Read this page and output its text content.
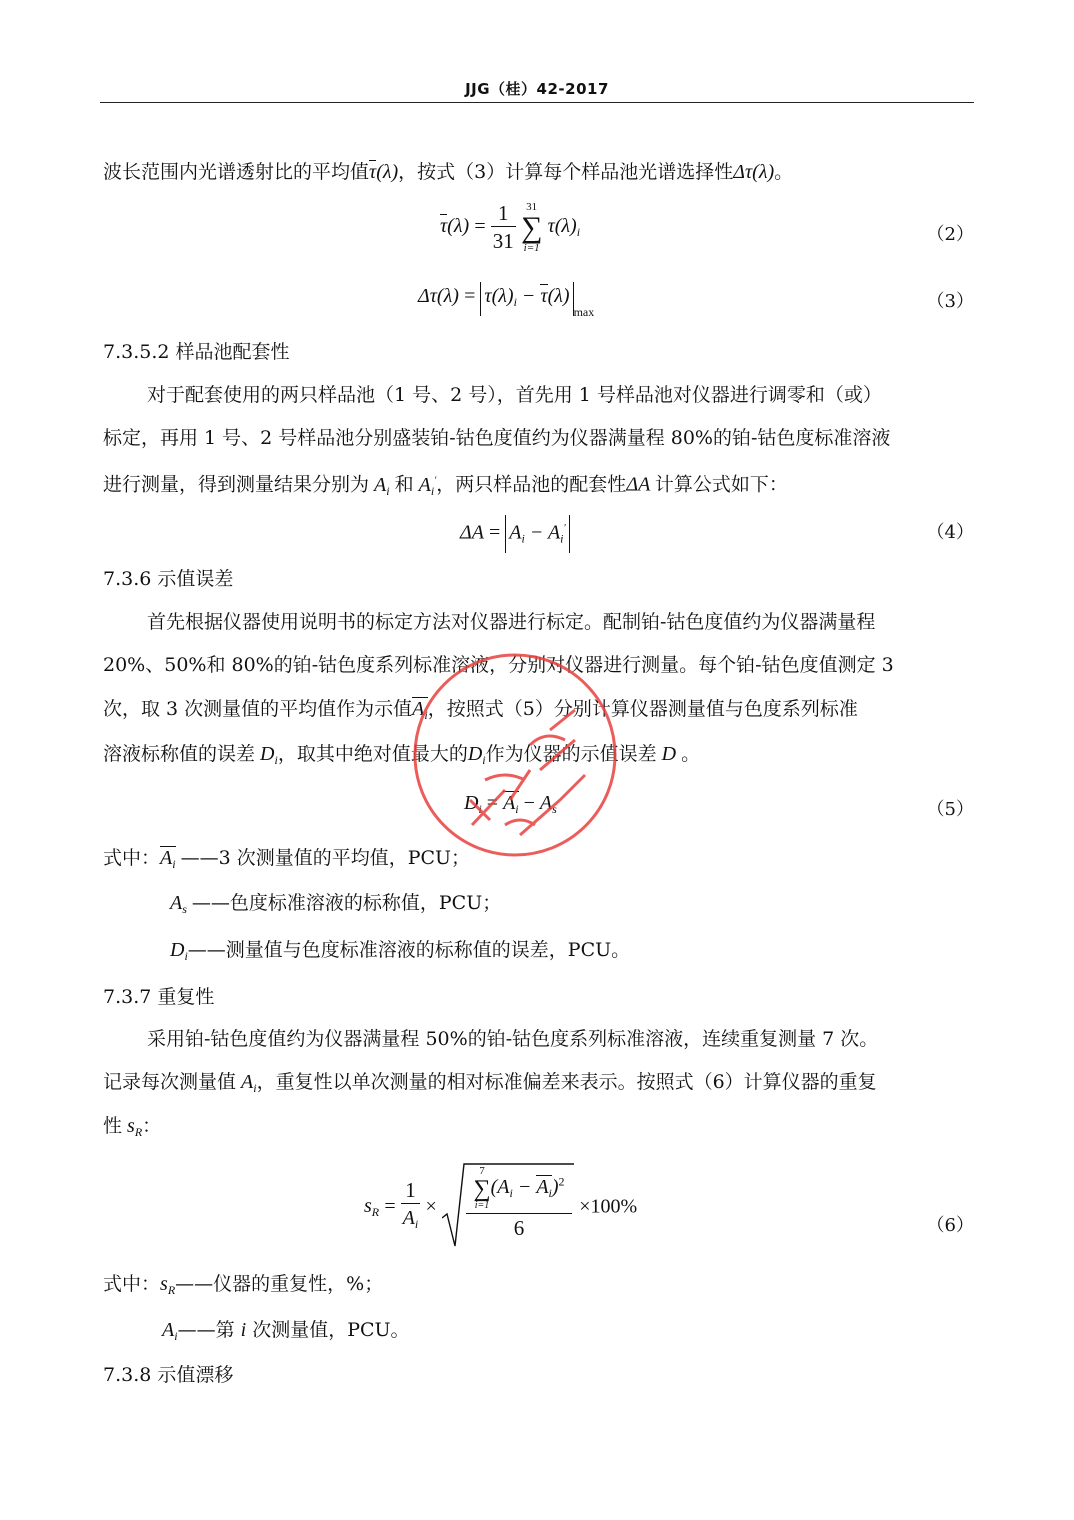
JJG（桂）42-2017
波长范围内光谱透射比的平均值τ(λ)，按式（3）计算每个样品池光谱选择性Δτ(λ)。
$\tau(\lambda) = \frac{1}{31}$
31
∑
i=1
$\tau(\lambda)_i$	（2）
$\Delta\tau(\lambda) = \tau(\lambda)_i - \tau(\lambda)_{max}$	（3）
7.3.5.2 样品池配套性
对于配套使用的两只样品池（1 号、2 号），首先用 1 号样品池对仪器进行调零和（或）
标定，再用 1 号、2 号样品池分别盛装铂-钴色度值约为仪器满量程 80%的铂-钴色度标准溶液
进行测量，得到测量结果分别为 $A_i$ 和 $A_i'$，两只样品池的配套性ΔA 计算公式如下：
$\Delta A = A_i - A_i'$	（4）
7.3.6 示值误差
首先根据仪器使用说明书的标定方法对仪器进行标定。配制铂-钴色度值约为仪器满量程
20%、50%和 80%的铂-钴色度系列标准溶液，分别对仪器进行测量。每个铂-钴色度值测定 3
次，取 3 次测量值的平均值作为示值$A_i$，按照式（5）分别计算仪器测量值与色度系列标准
溶液标称值的误差 $D_i$，取其中绝对值最大的$D_i$作为仪器的示值误差 D 。
$D_i = A_i - A_s$	（5）
式中：$A_i$ ——3 次测量值的平均值，PCU；
$A_s$ ——色度标准溶液的标称值，PCU；
$D_i——$测量值与色度标准溶液的标称值的误差，PCU。
7.3.7 重复性
采用铂-钴色度值约为仪器满量程 50%的铂-钴色度系列标准溶液，连续重复测量 7 次。
记录每次测量值 $A_i$，重复性以单次测量的相对标准偏差来表示。按照式（6）计算仪器的重复
性 $s_R$：
$s_R = \frac{1}{A_i}$ ×	7
∑
i=1
$(A_i - A_i)^2$
6 ×100%
（6）
式中：$s_R——$仪器的重复性，%；
$A_i——$第 i 次测量值，PCU。
7.3.8 示值漂移
